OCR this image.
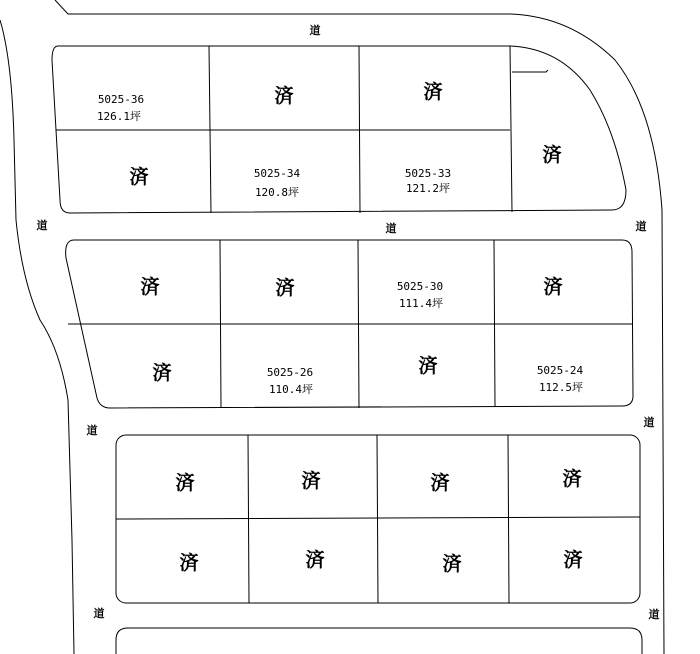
道
道
道	道
道
道
道	道
5025-36
126.1坪
済	済
済
済	5025-34
120.8坪
5025-33
121.2坪
済	済	5025-30
111.4坪
済
済	5025-26
110.4坪
済	5025-24
112.5坪
済	済	済	済
済	済	済	済
